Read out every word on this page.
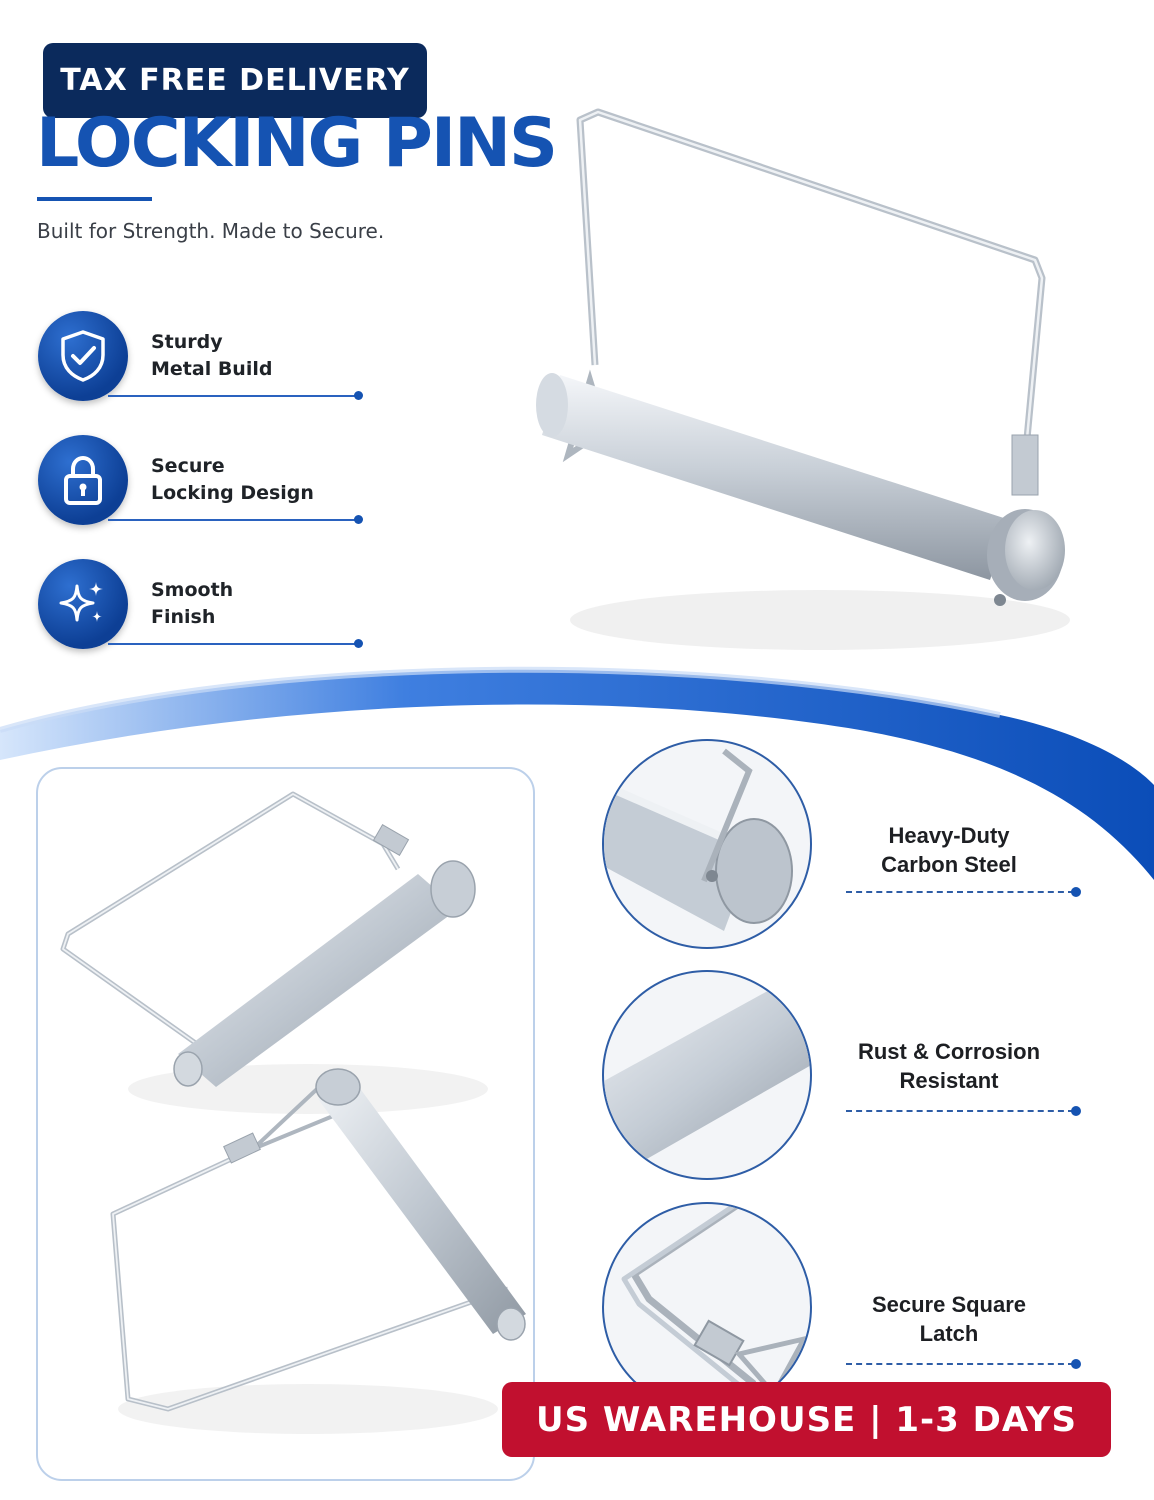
TAX FREE DELIVERY
LOCKING PINS
Built for Strength. Made to Secure.
Sturdy
Metal Build
Secure
Locking Design
Smooth
Finish
Heavy-Duty
Carbon Steel
Rust & Corrosion
Resistant
Secure Square
Latch
US WAREHOUSE | 1-3 DAYS
